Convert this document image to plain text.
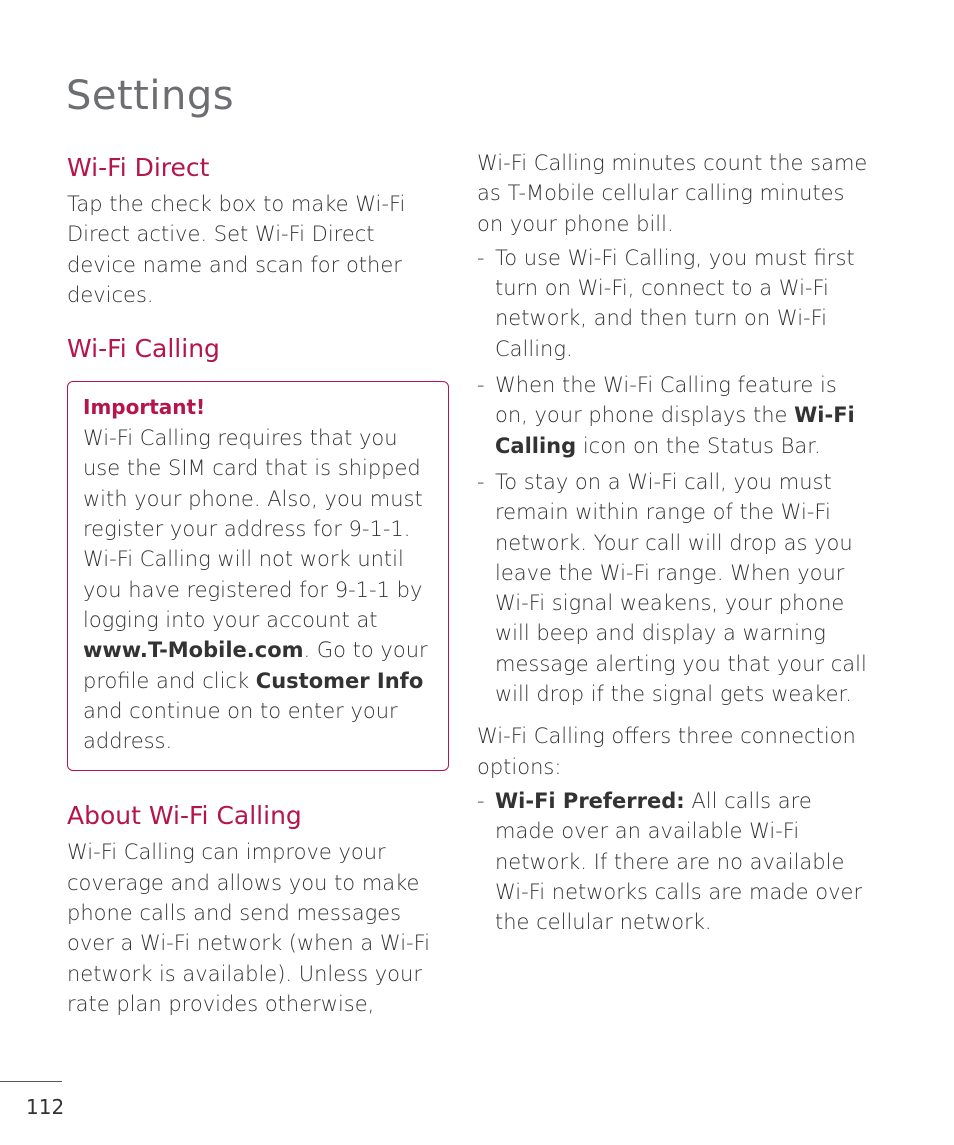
Settings
Wi-Fi Direct

Tap the check box to make Wi-Fi Direct active. Set Wi-Fi Direct device name and scan for other devices.

Wi-Fi Calling
Important!

Wi-Fi Calling requires that you use the SIM card that is shipped with your phone. Also, you must register your address for 9-1-1. Wi-Fi Calling will not work until you have registered for 9-1-1 by logging into your account at www.T-Mobile.com. Go to your profile and click Customer Info and continue on to enter your address.

About Wi-Fi Calling

Wi-Fi Calling can improve your coverage and allows you to make phone calls and send messages over a Wi-Fi network (when a Wi-Fi network is available). Unless your rate plan provides otherwise,

Wi-Fi Calling minutes count the same as T-Mobile cellular calling minutes on your phone bill.

- To use Wi-Fi Calling, you must first turn on Wi-Fi, connect to a Wi-Fi network, and then turn on Wi-Fi Calling.
- When the Wi-Fi Calling feature is on, your phone displays the Wi-Fi Calling icon on the Status Bar.
- To stay on a Wi-Fi call, you must remain within range of the Wi-Fi network. Your call will drop as you leave the Wi-Fi range. When your Wi-Fi signal weakens, your phone will beep and display a warning message alerting you that your call will drop if the signal gets weaker.

Wi-Fi Calling offers three connection options:

- Wi-Fi Preferred: All calls are made over an available Wi-Fi network. If there are no available Wi-Fi networks calls are made over the cellular network.
112
